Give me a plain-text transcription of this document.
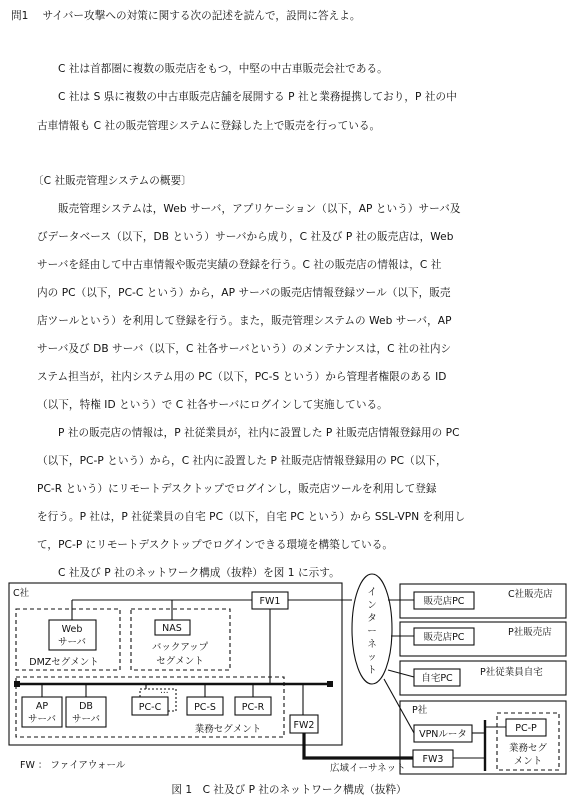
問1 サイバー攻撃への対策に関する次の記述を読んで，設問に答えよ。
C 社は首都圏に複数の販売店をもつ，中堅の中古車販売会社である。
C 社は S 県に複数の中古車販売店舗を展開する P 社と業務提携しており，P 社の中
古車情報も C 社の販売管理システムに登録した上で販売を行っている。
〔C 社販売管理システムの概要〕
販売管理システムは，Web サーバ，アプリケーション（以下，AP という）サーバ及
びデータベース（以下，DB という）サーバから成り，C 社及び P 社の販売店は，Web
サーバを経由して中古車情報や販売実績の登録を行う。C 社の販売店の情報は，C 社
内の PC（以下，PC-C という）から，AP サーバの販売店情報登録ツール（以下，販売
店ツールという）を利用して登録を行う。また，販売管理システムの Web サーバ，AP
サーバ及び DB サーバ（以下，C 社各サーバという）のメンテナンスは，C 社の社内シ
ステム担当が，社内システム用の PC（以下，PC-S という）から管理者権限のある ID
（以下，特権 ID という）で C 社各サーバにログインして実施している。
P 社の販売店の情報は，P 社従業員が，社内に設置した P 社販売店情報登録用の PC
（以下，PC-P という）から，C 社内に設置した P 社販売店情報登録用の PC（以下，
PC-R という）にリモートデスクトップでログインし，販売店ツールを利用して登録
を行う。P 社は，P 社従業員の自宅 PC（以下，自宅 PC という）から SSL-VPN を利用し
て，PC-P にリモートデスクトップでログインできる環境を構築している。
C 社及び P 社のネットワーク構成（抜粋）を図 1 に示す。
C社
FW1
Web
サーバ
DMZセグメント
NAS
バックアップ
セグメント
AP
サーバ
DB
サーバ
PC-C
…
PC-S	PC-R
業務セグメント	FW2
広域イーサネット
イ
ン
タ
ー
ネ
ッ
ト
販売店PC
C社販売店
販売店PC	P社販売店
自宅PC
P社従業員自宅
P社
VPNルータ
FW3
PC-P
業務セグ
メント
FW ： ファイアウォール
図 1　C 社及び P 社のネットワーク構成（抜粋）
